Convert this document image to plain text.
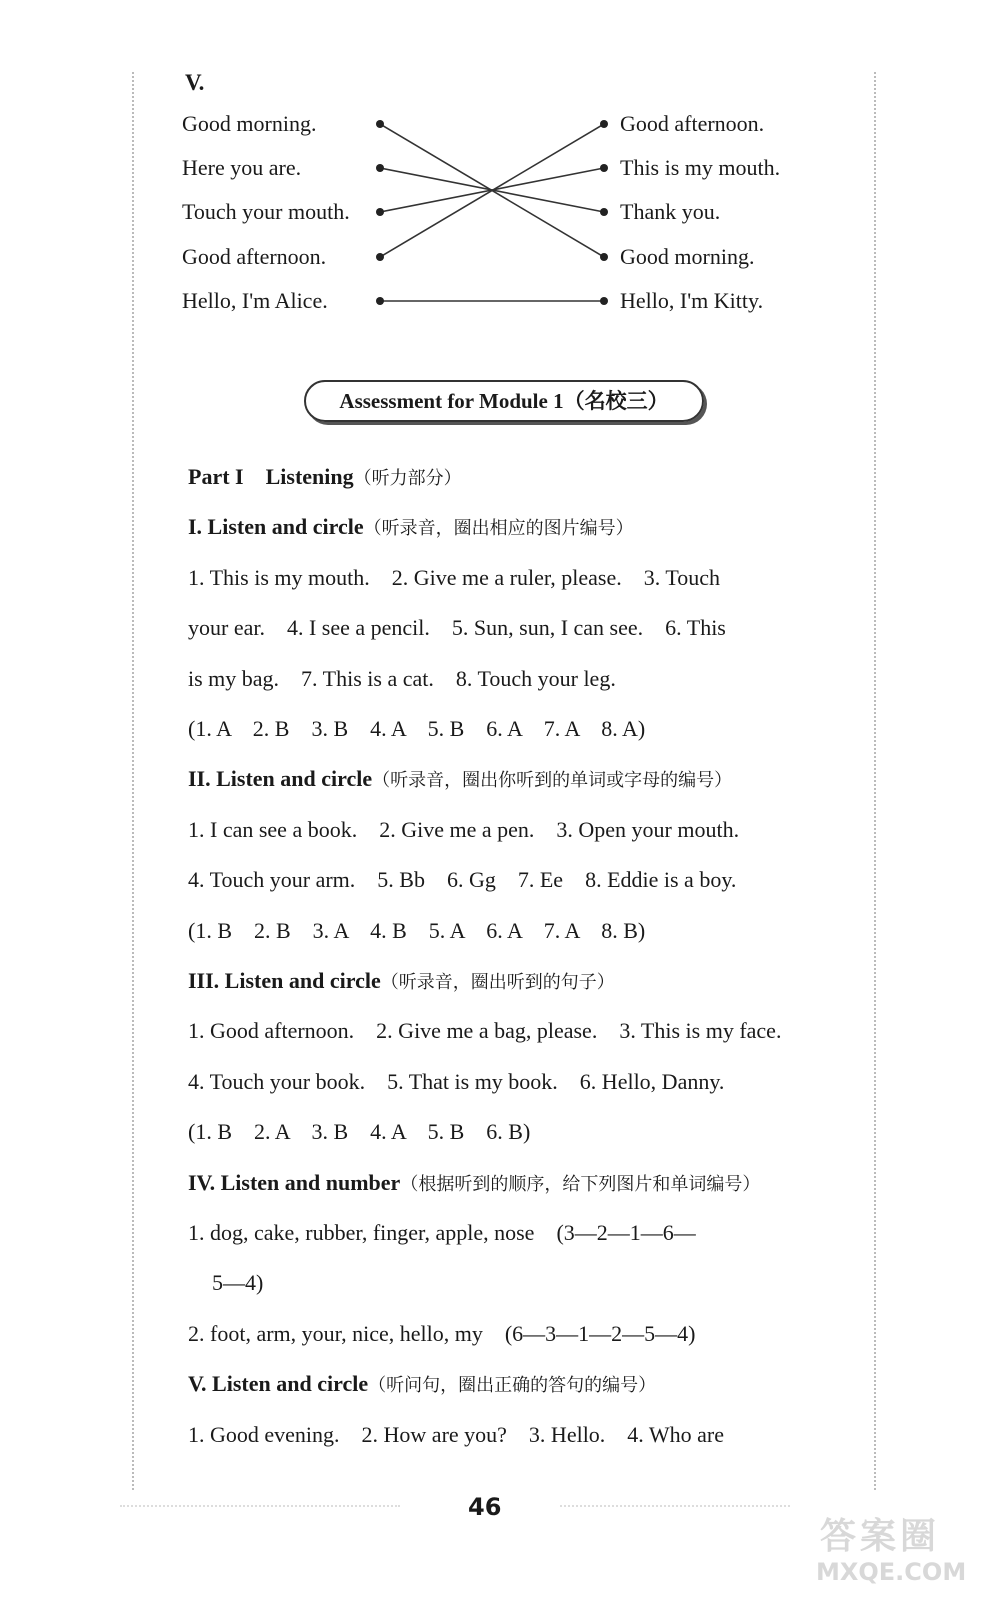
V.
Good morning.
Here you are.
Touch your mouth.
Good afternoon.
Hello, I'm Alice.
Good afternoon.
This is my mouth.
Thank you.
Good morning.
Hello, I'm Kitty.
Assessment for Module 1（名校三）
Part I　Listening（听力部分）
I. Listen and circle（听录音，圈出相应的图片编号）
1. This is my mouth.　2. Give me a ruler, please.　3. Touch
your ear.　4. I see a pencil.　5. Sun, sun, I can see.　6. This
is my bag.　7. This is a cat.　8. Touch your leg.
(1. A　2. B　3. B　4. A　5. B　6. A　7. A　8. A)
II. Listen and circle（听录音，圈出你听到的单词或字母的编号）
1. I can see a book.　2. Give me a pen.　3. Open your mouth.
4. Touch your arm.　5. Bb　6. Gg　7. Ee　8. Eddie is a boy.
(1. B　2. B　3. A　4. B　5. A　6. A　7. A　8. B)
III. Listen and circle（听录音，圈出听到的句子）
1. Good afternoon.　2. Give me a bag, please.　3. This is my face.
4. Touch your book.　5. That is my book.　6. Hello, Danny.
(1. B　2. A　3. B　4. A　5. B　6. B)
IV. Listen and number（根据听到的顺序，给下列图片和单词编号）
1. dog, cake, rubber, finger, apple, nose　(3—2—1—6—
5—4)
2. foot, arm, your, nice, hello, my　(6—3—1—2—5—4)
V. Listen and circle（听问句，圈出正确的答句的编号）
1. Good evening.　2. How are you?　3. Hello.　4. Who are
46
答案圈
MXQE.COM
